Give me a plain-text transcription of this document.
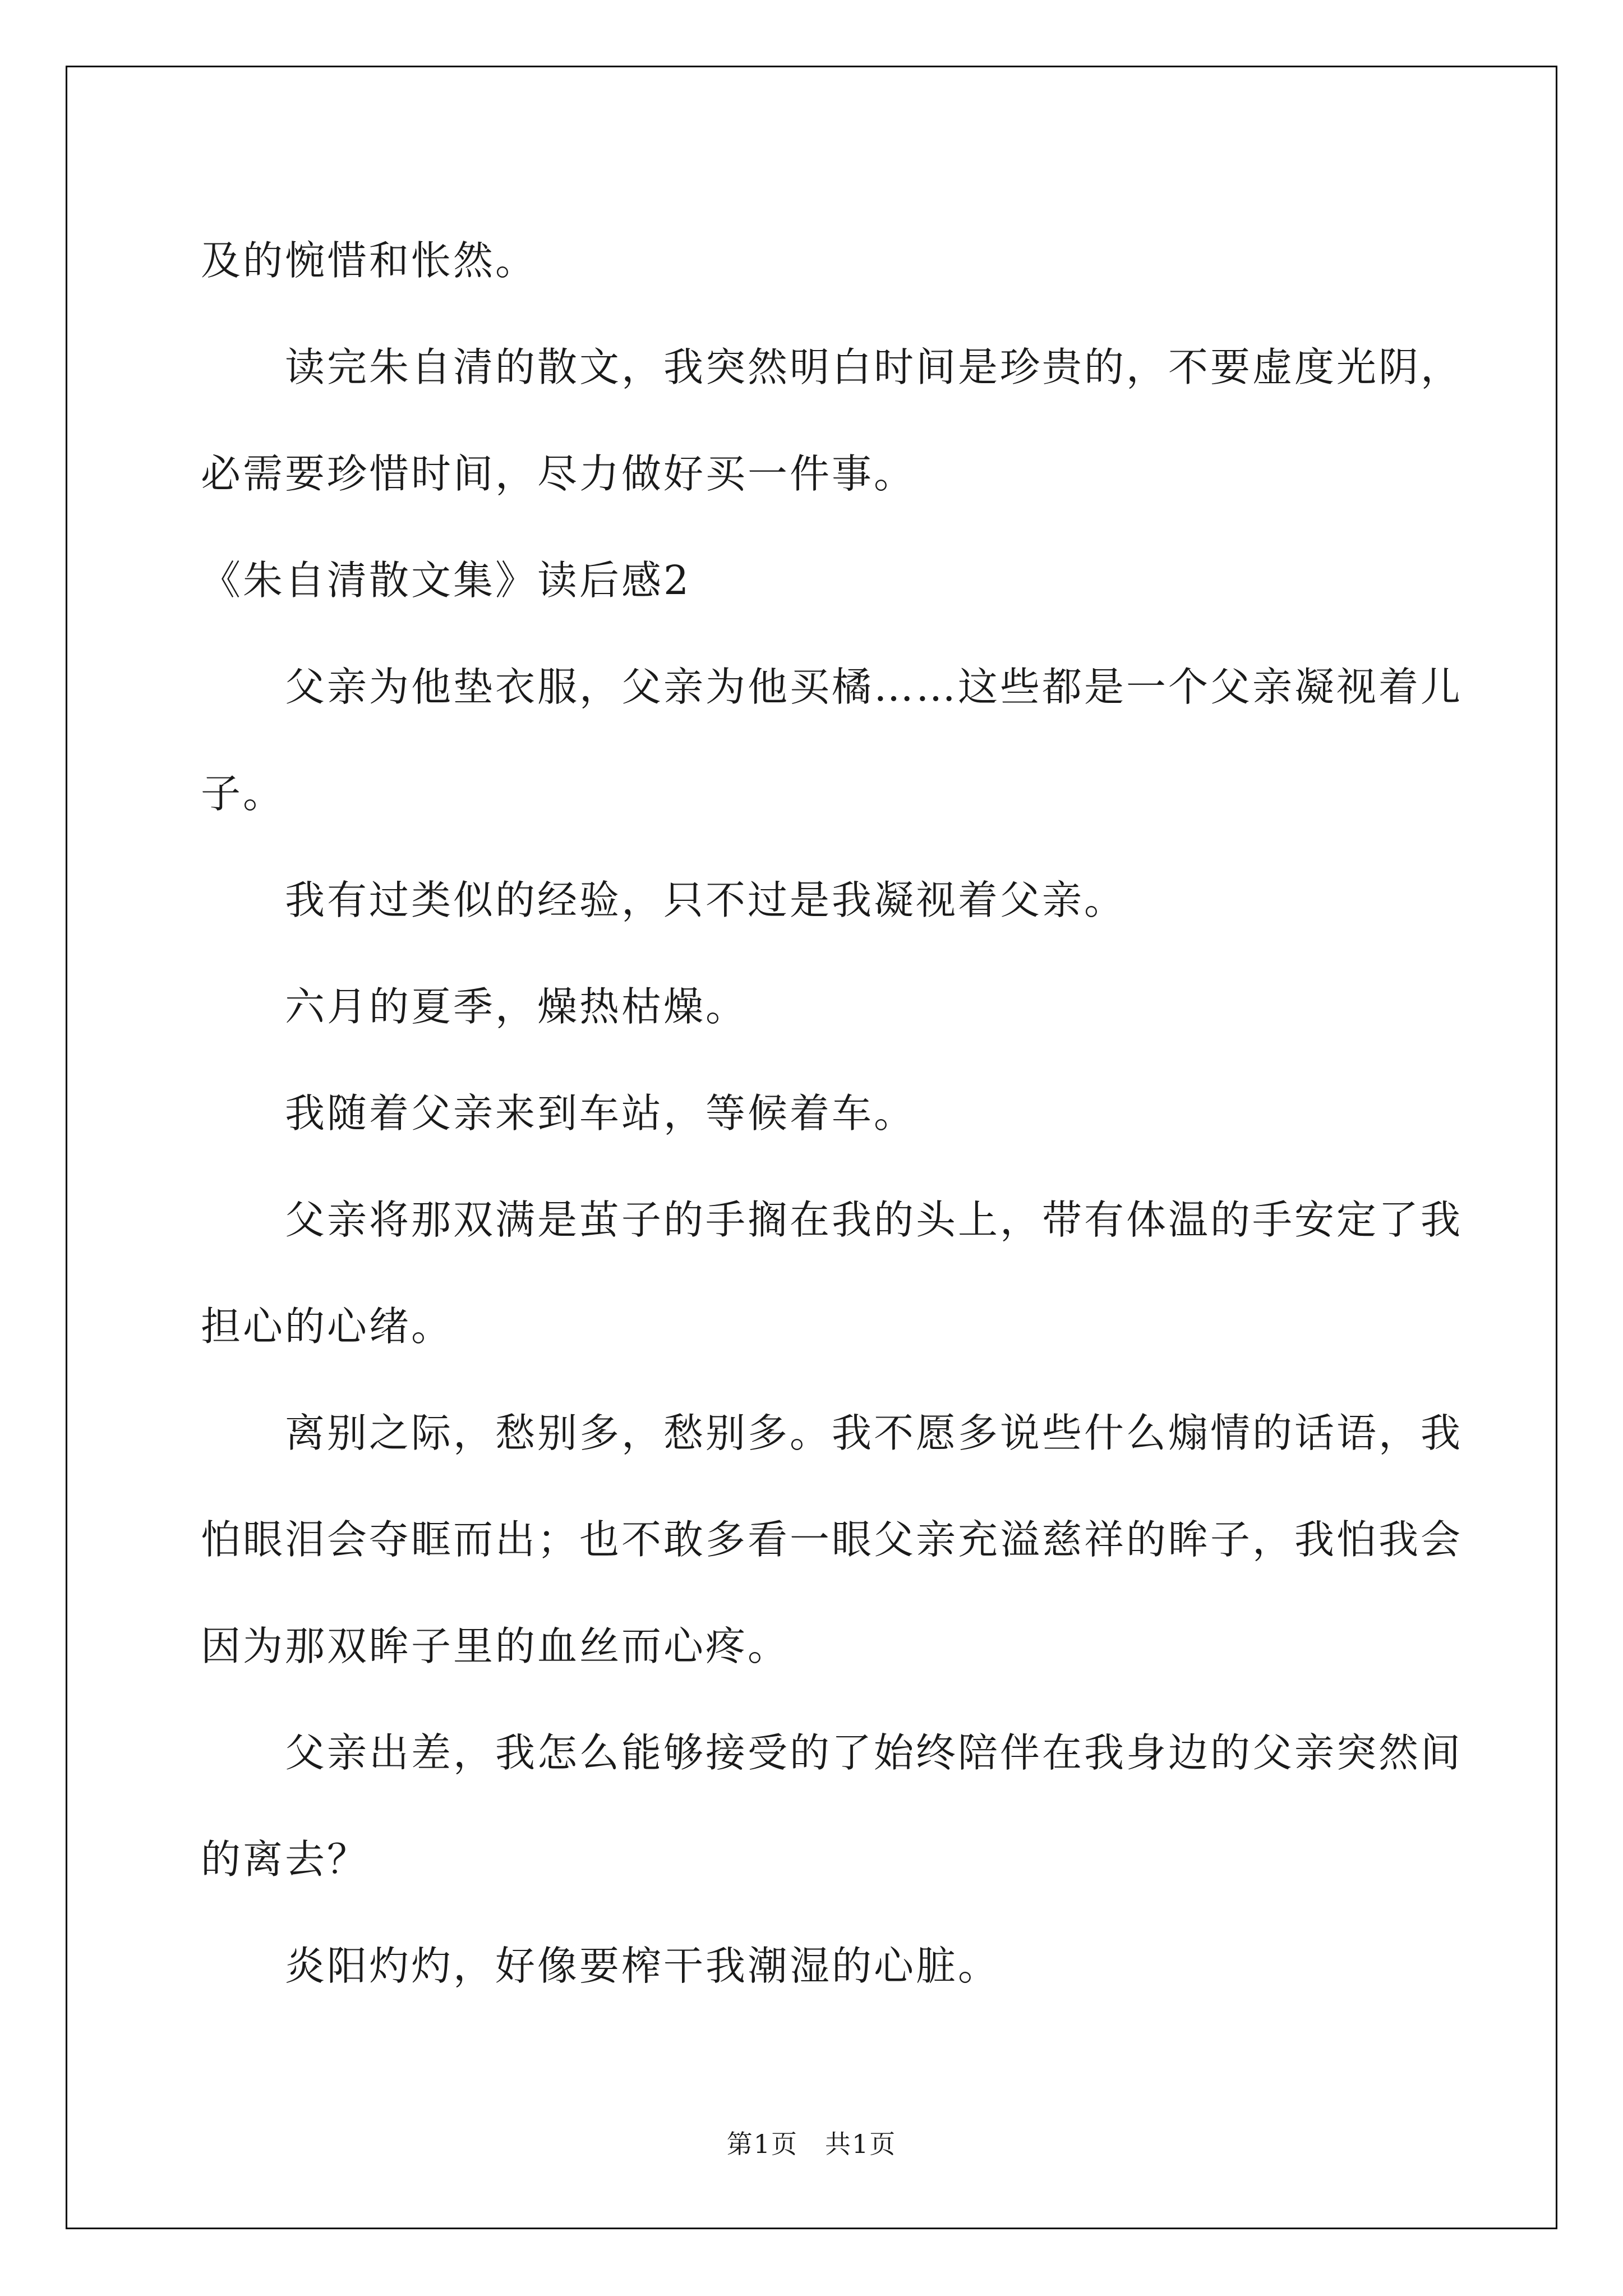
及的惋惜和怅然。
读完朱自清的散文，我突然明白时间是珍贵的，不要虚度光阴，
必需要珍惜时间，尽力做好买一件事。
《朱自清散文集》读后感2
父亲为他垫衣服，父亲为他买橘……这些都是一个父亲凝视着儿
子。
我有过类似的经验，只不过是我凝视着父亲。
六月的夏季，燥热枯燥。
我随着父亲来到车站，等候着车。
父亲将那双满是茧子的手搁在我的头上，带有体温的手安定了我
担心的心绪。
离别之际，愁别多，愁别多。我不愿多说些什么煽情的话语，我
怕眼泪会夺眶而出；也不敢多看一眼父亲充溢慈祥的眸子，我怕我会
因为那双眸子里的血丝而心疼。
父亲出差，我怎么能够接受的了始终陪伴在我身边的父亲突然间
的离去？
炎阳灼灼，好像要榨干我潮湿的心脏。
第1页　共1页
